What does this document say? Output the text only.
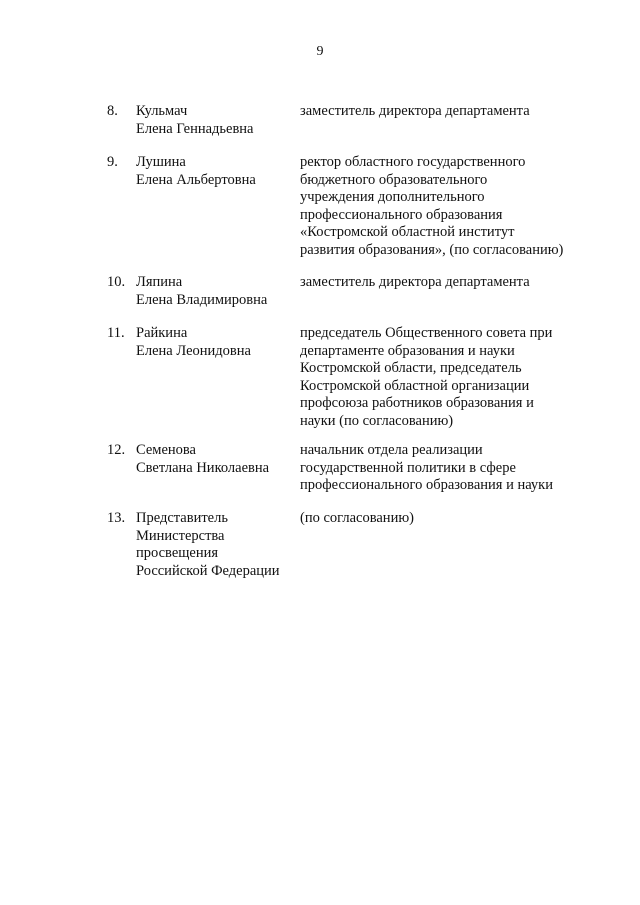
9
8. Кульмач
Елена Геннадьевна
заместитель директора департамента
9. Лушина
Елена Альбертовна
ректор областного государственного
бюджетного образовательного
учреждения дополнительного
профессионального образования
«Костромской областной институт
развития образования», (по согласованию)
10. Ляпина
Елена Владимировна
заместитель директора департамента
11. Райкина
Елена Леонидовна
председатель Общественного совета при
департаменте образования и науки
Костромской области, председатель
Костромской областной организации
профсоюза работников образования и
науки (по согласованию)
12. Семенова
Светлана Николаевна
начальник отдела реализации
государственной политики в сфере
профессионального образования и науки
13. Представитель
Министерства
просвещения
Российской Федерации
(по согласованию)
